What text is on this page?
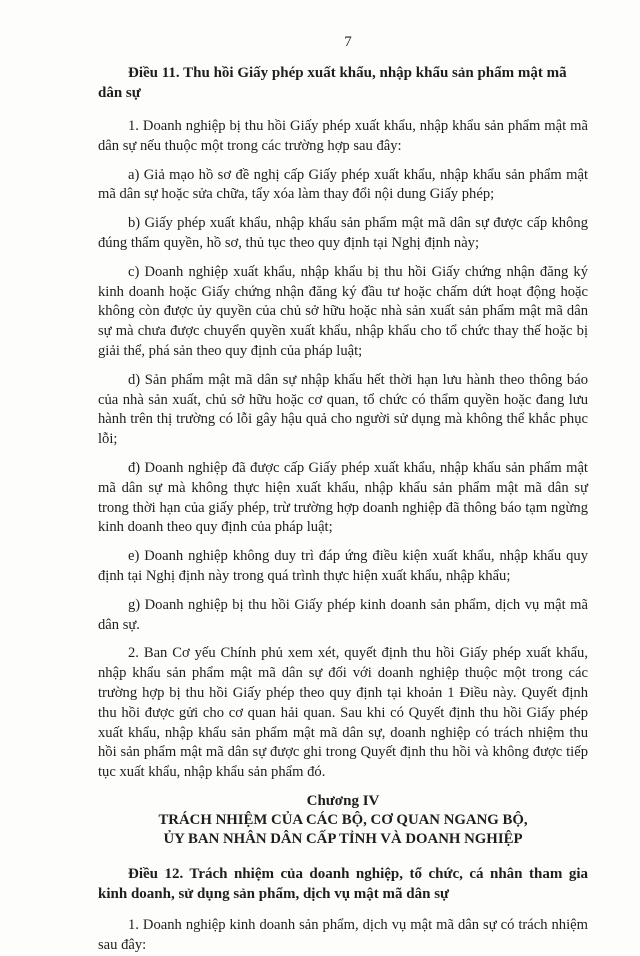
7
Điều 11. Thu hồi Giấy phép xuất khẩu, nhập khẩu sản phẩm mật mã dân sự

1. Doanh nghiệp bị thu hồi Giấy phép xuất khẩu, nhập khẩu sản phẩm mật mã dân sự nếu thuộc một trong các trường hợp sau đây:

a) Giả mạo hồ sơ đề nghị cấp Giấy phép xuất khẩu, nhập khẩu sản phẩm mật mã dân sự hoặc sửa chữa, tẩy xóa làm thay đổi nội dung Giấy phép;

b) Giấy phép xuất khẩu, nhập khẩu sản phẩm mật mã dân sự được cấp không đúng thẩm quyền, hồ sơ, thủ tục theo quy định tại Nghị định này;

c) Doanh nghiệp xuất khẩu, nhập khẩu bị thu hồi Giấy chứng nhận đăng ký kinh doanh hoặc Giấy chứng nhận đăng ký đầu tư hoặc chấm dứt hoạt động hoặc không còn được ủy quyền của chủ sở hữu hoặc nhà sản xuất sản phẩm mật mã dân sự mà chưa được chuyển quyền xuất khẩu, nhập khẩu cho tổ chức thay thế hoặc bị giải thể, phá sản theo quy định của pháp luật;

d) Sản phẩm mật mã dân sự nhập khẩu hết thời hạn lưu hành theo thông báo của nhà sản xuất, chủ sở hữu hoặc cơ quan, tổ chức có thẩm quyền hoặc đang lưu hành trên thị trường có lỗi gây hậu quả cho người sử dụng mà không thể khắc phục lỗi;

đ) Doanh nghiệp đã được cấp Giấy phép xuất khẩu, nhập khẩu sản phẩm mật mã dân sự mà không thực hiện xuất khẩu, nhập khẩu sản phẩm mật mã dân sự trong thời hạn của giấy phép, trừ trường hợp doanh nghiệp đã thông báo tạm ngừng kinh doanh theo quy định của pháp luật;

e) Doanh nghiệp không duy trì đáp ứng điều kiện xuất khẩu, nhập khẩu quy định tại Nghị định này trong quá trình thực hiện xuất khẩu, nhập khẩu;

g) Doanh nghiệp bị thu hồi Giấy phép kinh doanh sản phẩm, dịch vụ mật mã dân sự.

2. Ban Cơ yếu Chính phủ xem xét, quyết định thu hồi Giấy phép xuất khẩu, nhập khẩu sản phẩm mật mã dân sự đối với doanh nghiệp thuộc một trong các trường hợp bị thu hồi Giấy phép theo quy định tại khoản 1 Điều này. Quyết định thu hồi được gửi cho cơ quan hải quan. Sau khi có Quyết định thu hồi Giấy phép xuất khẩu, nhập khẩu sản phẩm mật mã dân sự, doanh nghiệp có trách nhiệm thu hồi sản phẩm mật mã dân sự được ghi trong Quyết định thu hồi và không được tiếp tục xuất khẩu, nhập khẩu sản phẩm đó.

Chương IV
TRÁCH NHIỆM CỦA CÁC BỘ, CƠ QUAN NGANG BỘ,
ỦY BAN NHÂN DÂN CẤP TỈNH VÀ DOANH NGHIỆP
Điều 12. Trách nhiệm của doanh nghiệp, tổ chức, cá nhân tham gia kinh doanh, sử dụng sản phẩm, dịch vụ mật mã dân sự

1. Doanh nghiệp kinh doanh sản phẩm, dịch vụ mật mã dân sự có trách nhiệm sau đây:
